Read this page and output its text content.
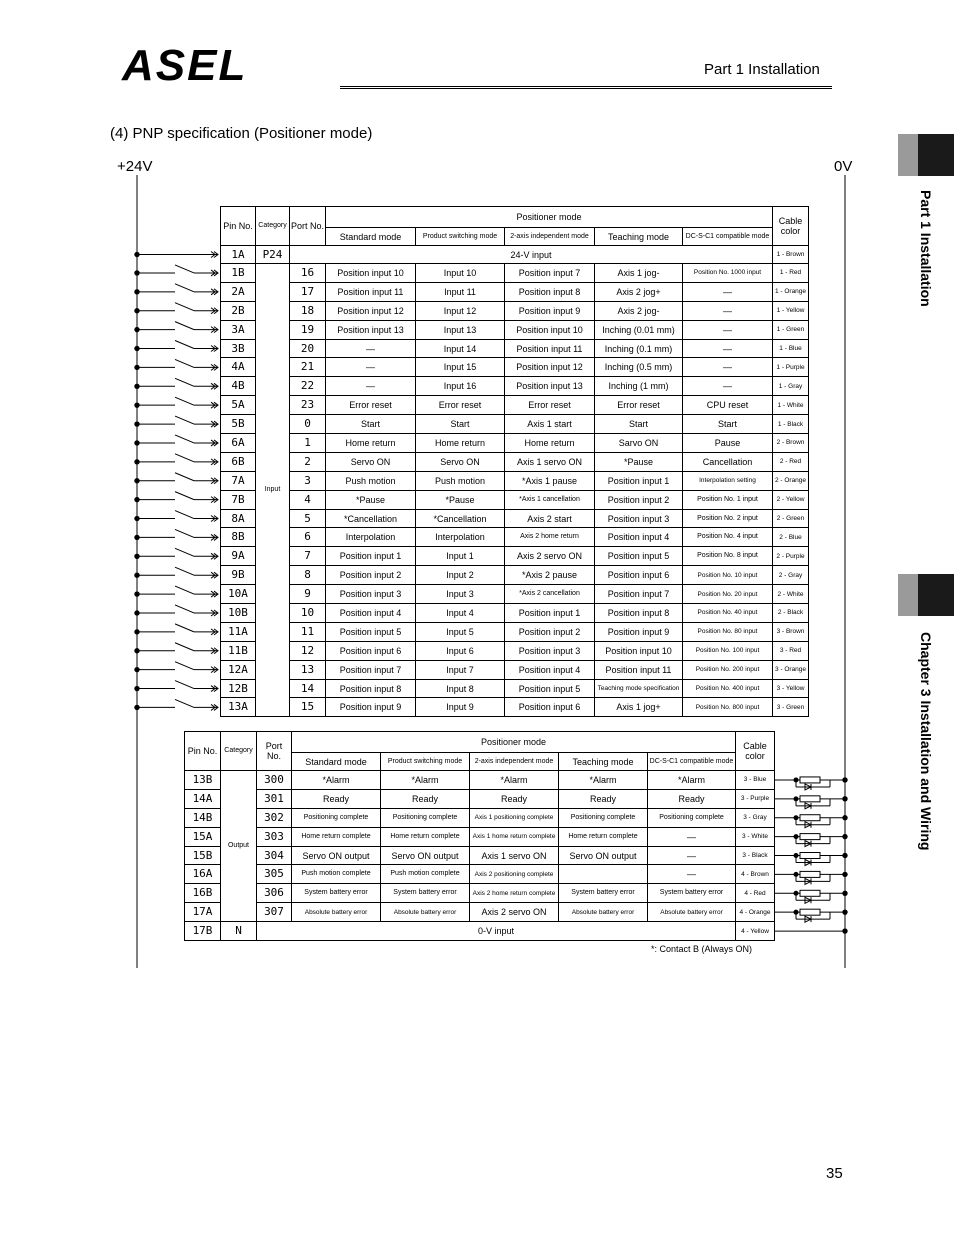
ASEL	Part 1 Installation
(4) PNP specification (Positioner mode)
+24V	0V
Part 1 Installation
Chapter 3 Installation and Wiring
Pin No.	Category	Port No.	Positioner mode					Cable color
			Standard mode	Product switching mode	2-axis independent mode	Teaching mode	DC-S-C1 compatible mode	
1A	P24	24-V input						1 - Brown
1B	Input	16	Position input 10	Input 10	Position input 7	Axis 1 jog-	Position No. 1000 input	1 - Red
2A		17	Position input 11	Input 11	Position input 8	Axis 2 jog+	—	1 - Orange
2B		18	Position input 12	Input 12	Position input 9	Axis 2 jog-	—	1 - Yellow
3A		19	Position input 13	Input 13	Position input 10	Inching (0.01 mm)	—	1 - Green
3B		20	—	Input 14	Position input 11	Inching (0.1 mm)	—	1 - Blue
4A		21	—	Input 15	Position input 12	Inching (0.5 mm)	—	1 - Purple
4B		22	—	Input 16	Position input 13	Inching (1 mm)	—	1 - Gray
5A		23	Error reset	Error reset	Error reset	Error reset	CPU reset	1 - White
5B		0	Start	Start	Axis 1 start	Start	Start	1 - Black
6A		1	Home return	Home return	Home return	Sarvo ON	Pause	2 - Brown
6B		2	Servo ON	Servo ON	Axis 1 servo ON	*Pause	Cancellation	2 - Red
7A		3	Push motion	Push motion	*Axis 1 pause	Position input 1	Interpolation setting	2 - Orange
7B		4	*Pause	*Pause	*Axis 1 cancellation	Position input 2	Position No. 1 input	2 - Yellow
8A		5	*Cancellation	*Cancellation	Axis 2 start	Position input 3	Position No. 2 input	2 - Green
8B		6	Interpolation	Interpolation	Axis 2 home return	Position input 4	Position No. 4 input	2 - Blue
9A		7	Position input 1	Input 1	Axis 2 servo ON	Position input 5	Position No. 8 input	2 - Purple
9B		8	Position input 2	Input 2	*Axis 2 pause	Position input 6	Position No. 10 input	2 - Gray
10A		9	Position input 3	Input 3	*Axis 2 cancellation	Position input 7	Position No. 20 input	2 - White
10B		10	Position input 4	Input 4	Position input 1	Position input 8	Position No. 40 input	2 - Black
11A		11	Position input 5	Input 5	Position input 2	Position input 9	Position No. 80 input	3 - Brown
11B		12	Position input 6	Input 6	Position input 3	Position input 10	Position No. 100 input	3 - Red
12A		13	Position input 7	Input 7	Position input 4	Position input 11	Position No. 200 input	3 - Orange
12B		14	Position input 8	Input 8	Position input 5	Teaching mode specification	Position No. 400 input	3 - Yellow
13A		15	Position input 9	Input 9	Position input 6	Axis 1 jog+	Position No. 800 input	3 - Green
Pin No.	Category	Port No.	Positioner mode					Cable color
			Standard mode	Product switching mode	2-axis independent mode	Teaching mode	DC-S-C1 compatible mode	
13B	Output	300	*Alarm	*Alarm	*Alarm	*Alarm	*Alarm	3 - Blue
14A		301	Ready	Ready	Ready	Ready	Ready	3 - Purple
14B		302	Positioning complete	Positioning complete	Axis 1 positioning complete	Positioning complete	Positioning complete	3 - Gray
15A		303	Home return complete	Home return complete	Axis 1 home return complete	Home return complete	—	3 - White
15B		304	Servo ON output	Servo ON output	Axis 1 servo ON	Servo ON output	—	3 - Black
16A		305	Push motion complete	Push motion complete	Axis 2 positioning complete		—	4 - Brown
16B		306	System battery error	System battery error	Axis 2 home return complete	System battery error	System battery error	4 - Red
17A		307	Absolute battery error	Absolute battery error	Axis 2 servo ON	Absolute battery error	Absolute battery error	4 - Orange
17B	N	0-V input						4 - Yellow
*: Contact B (Always ON)
35
